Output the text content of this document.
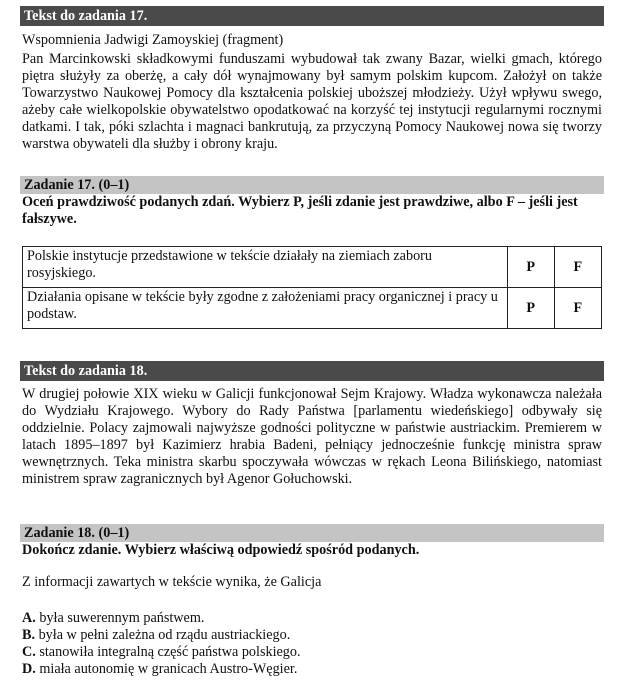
Tekst do zadania 17.
Wspomnienia Jadwigi Zamoyskiej (fragment)
Pan Marcinkowski składkowymi funduszami wybudował tak zwany Bazar, wielki gmach, którego piętra służyły za oberżę, a cały dół wynajmowany był samym polskim kupcom. Założył on także Towarzystwo Naukowej Pomocy dla kształcenia polskiej uboższej młodzieży. Użył wpływu swego, ażeby całe wielkopolskie obywatelstwo opodatkować na korzyść tej instytucji regularnymi rocznymi datkami. I tak, póki szlachta i magnaci bankrutują, za przyczyną Pomocy Naukowej nowa się tworzy warstwa obywateli dla służby i obrony kraju.
Zadanie 17. (0–1)
Oceń prawdziwość podanych zdań. Wybierz P, jeśli zdanie jest prawdziwe, albo F – jeśli jest fałszywe.
Polskie instytucje przedstawione w tekście działały na ziemiach zaboru rosyjskiego.	P	F
Działania opisane w tekście były zgodne z założeniami pracy organicznej i pracy u podstaw.	P	F
Tekst do zadania 18.
W drugiej połowie XIX wieku w Galicji funkcjonował Sejm Krajowy. Władza wykonawcza należała do Wydziału Krajowego. Wybory do Rady Państwa [parlamentu wiedeńskiego] odbywały się oddzielnie. Polacy zajmowali najwyższe godności polityczne w państwie austriackim. Premierem w latach 1895–1897 był Kazimierz hrabia Badeni, pełniący jednocześnie funkcję ministra spraw wewnętrznych. Teka ministra skarbu spoczywała wówczas w rękach Leona Bilińskiego, natomiast ministrem spraw zagranicznych był Agenor Gołuchowski.
Zadanie 18. (0–1)
Dokończ zdanie. Wybierz właściwą odpowiedź spośród podanych.
Z informacji zawartych w tekście wynika, że Galicja
A. była suwerennym państwem.
B. była w pełni zależna od rządu austriackiego.
C. stanowiła integralną część państwa polskiego.
D. miała autonomię w granicach Austro-Węgier.
